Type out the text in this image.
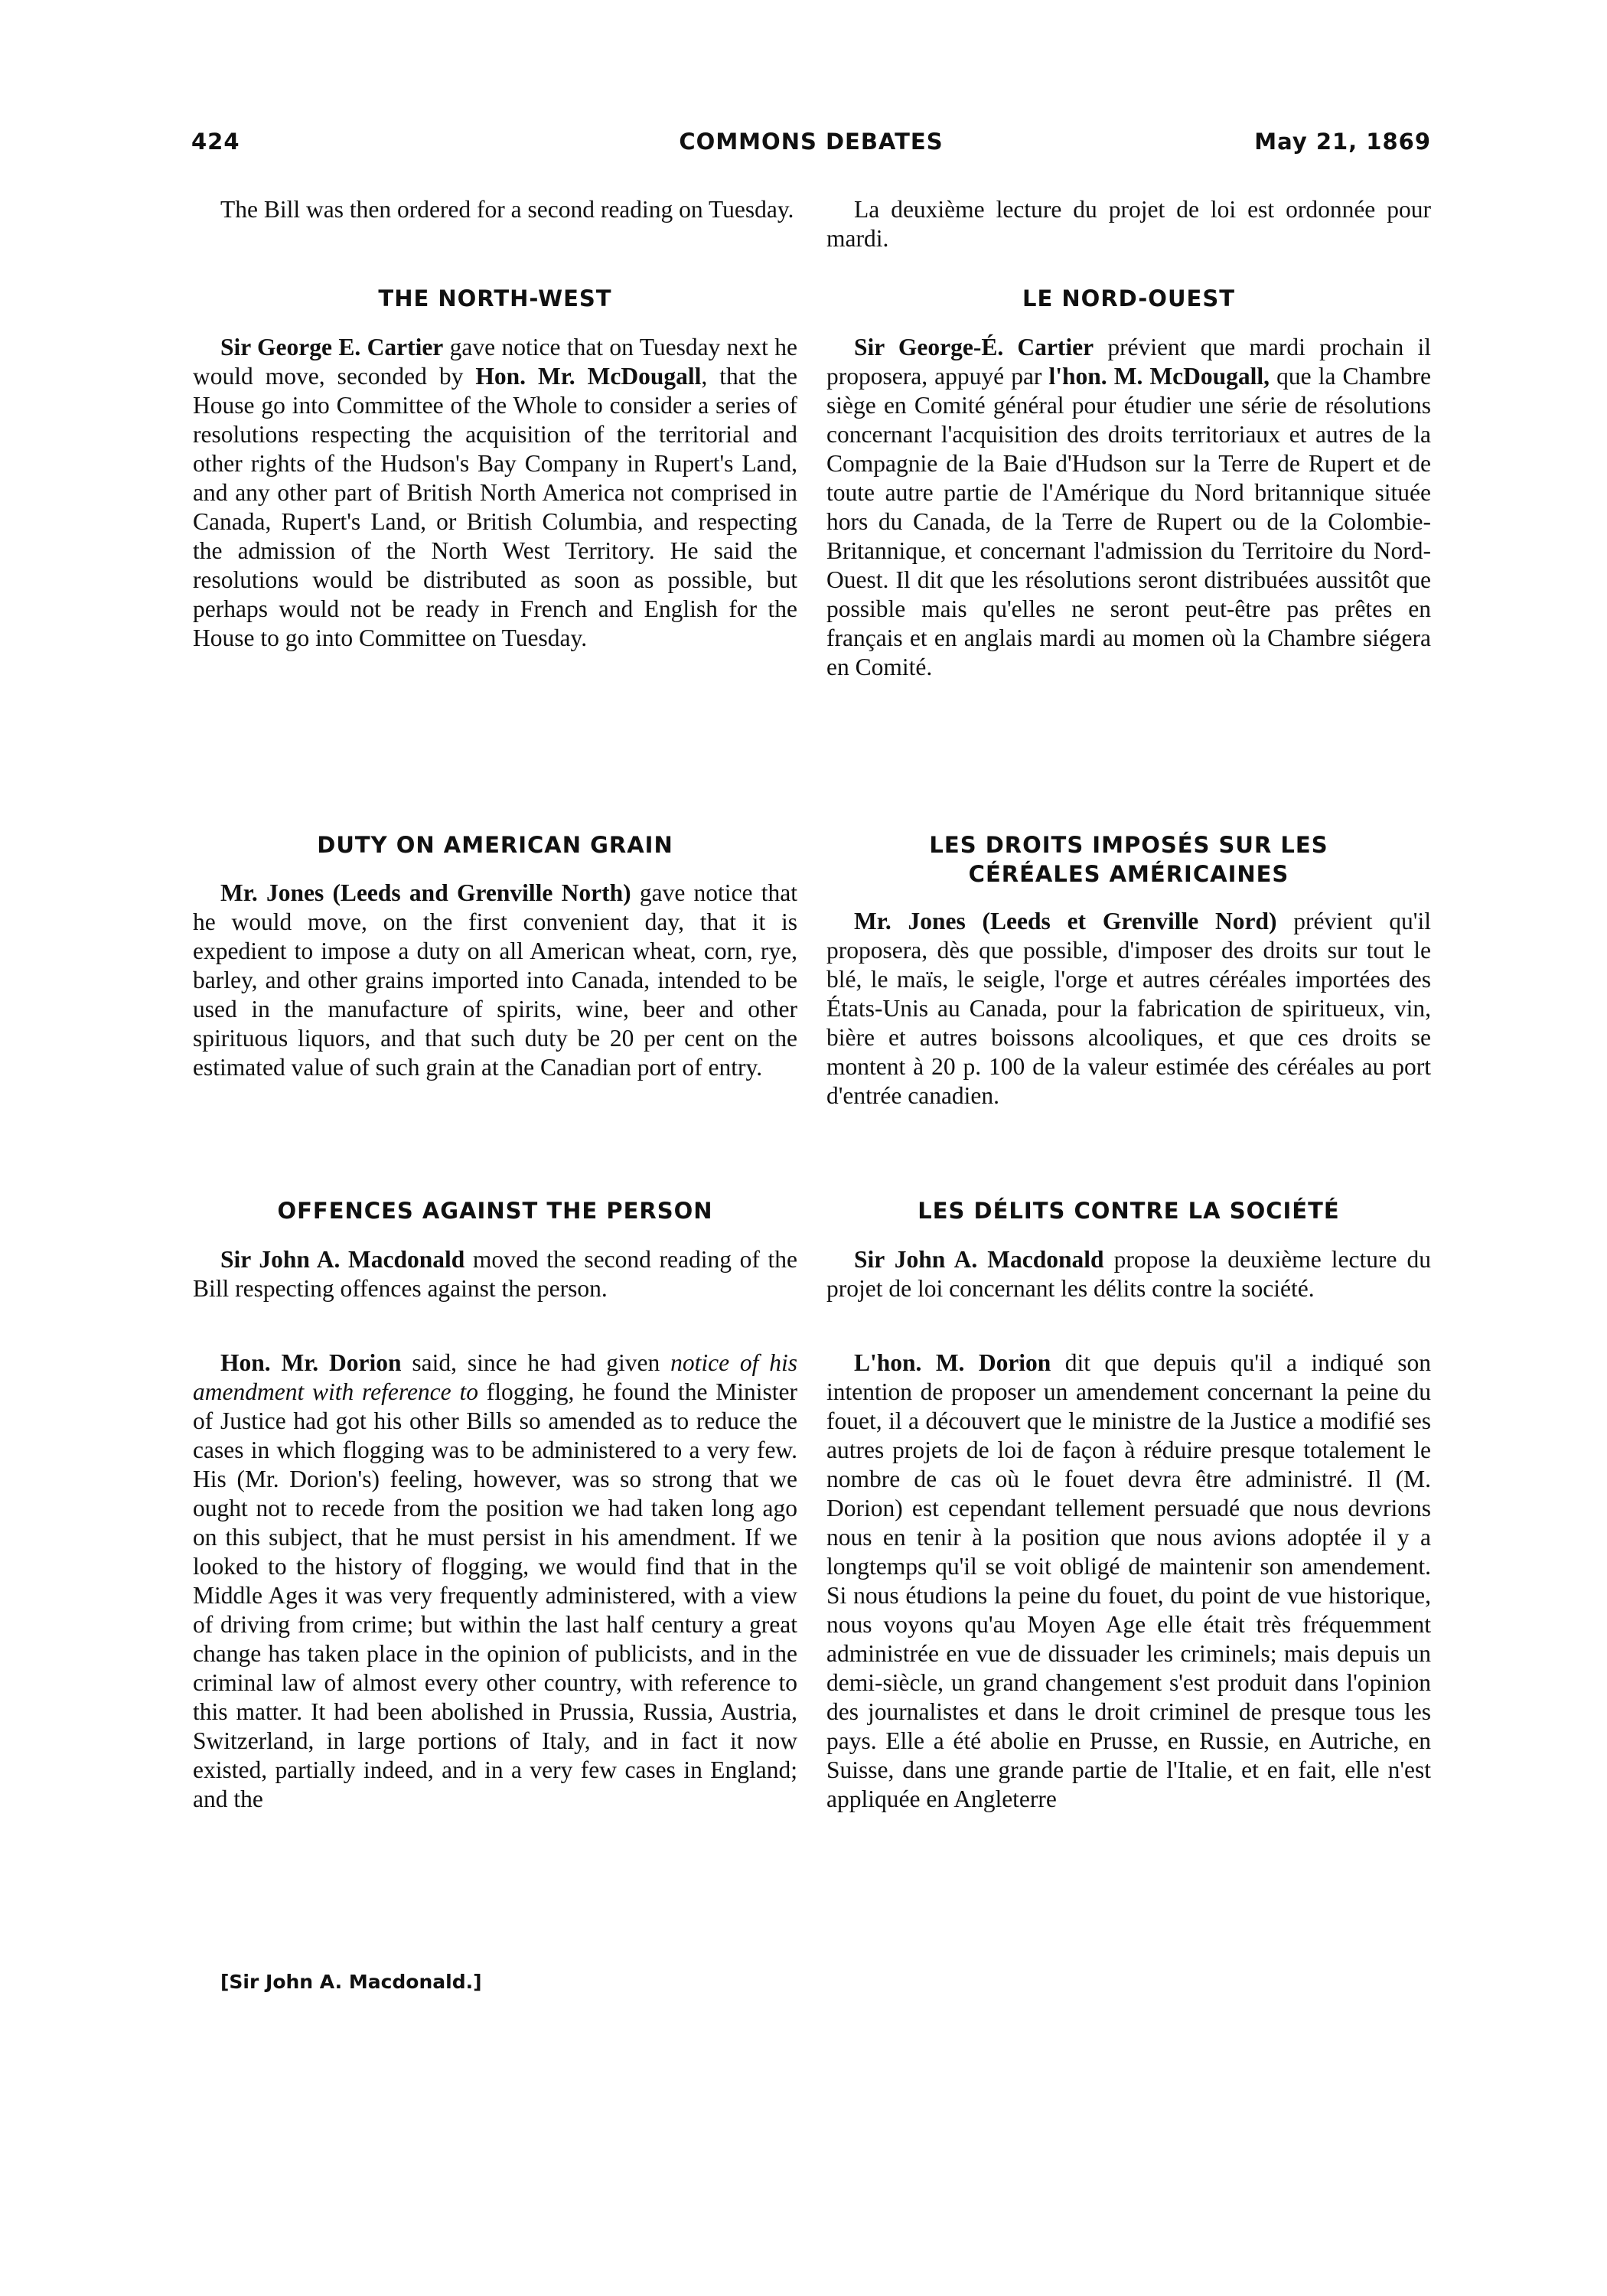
424	COMMONS DEBATES	May 21, 1869

The Bill was then ordered for a second reading on Tuesday.

THE NORTH-WEST

Sir George E. Cartier gave notice that on Tuesday next he would move, seconded by Hon. Mr. McDougall, that the House go into Committee of the Whole to consider a series of resolutions respecting the acquisition of the territorial and other rights of the Hudson's Bay Company in Rupert's Land, and any other part of British North America not comprised in Canada, Rupert's Land, or British Columbia, and respecting the admission of the North West Territory. He said the resolutions would be distributed as soon as possible, but perhaps would not be ready in French and English for the House to go into Committee on Tuesday.

DUTY ON AMERICAN GRAIN

Mr. Jones (Leeds and Grenville North) gave notice that he would move, on the first convenient day, that it is expedient to impose a duty on all American wheat, corn, rye, barley, and other grains imported into Canada, intended to be used in the manufacture of spirits, wine, beer and other spirituous liquors, and that such duty be 20 per cent on the estimated value of such grain at the Canadian port of entry.

OFFENCES AGAINST THE PERSON

Sir John A. Macdonald moved the second reading of the Bill respecting offences against the person.

Hon. Mr. Dorion said, since he had given notice of his amendment with reference to flogging, he found the Minister of Justice had got his other Bills so amended as to reduce the cases in which flogging was to be administered to a very few. His (Mr. Dorion's) feeling, however, was so strong that we ought not to recede from the position we had taken long ago on this subject, that he must persist in his amendment. If we looked to the history of flogging, we would find that in the Middle Ages it was very frequently administered, with a view of driving from crime; but within the last half century a great change has taken place in the opinion of publicists, and in the criminal law of almost every other country, with reference to this matter. It had been abolished in Prussia, Russia, Austria, Switzerland, in large portions of Italy, and in fact it now existed, partially indeed, and in a very few cases in England; and the

[Sir John A. Macdonald.]

La deuxième lecture du projet de loi est ordonnée pour mardi.

LE NORD-OUEST

Sir George-É. Cartier prévient que mardi prochain il proposera, appuyé par l'hon. M. McDougall, que la Chambre siège en Comité général pour étudier une série de résolutions concernant l'acquisition des droits territoriaux et autres de la Compagnie de la Baie d'Hudson sur la Terre de Rupert et de toute autre partie de l'Amérique du Nord britannique située hors du Canada, de la Terre de Rupert ou de la Colombie-Britannique, et concernant l'admission du Territoire du Nord-Ouest. Il dit que les résolutions seront distribuées aussitôt que possible mais qu'elles ne seront peut-être pas prêtes en français et en anglais mardi au momen où la Chambre siégera en Comité.

LES DROITS IMPOSÉS SUR LES CÉRÉALES AMÉRICAINES

Mr. Jones (Leeds et Grenville Nord) prévient qu'il proposera, dès que possible, d'imposer des droits sur tout le blé, le maïs, le seigle, l'orge et autres céréales importées des États-Unis au Canada, pour la fabrication de spiritueux, vin, bière et autres boissons alcooliques, et que ces droits se montent à 20 p. 100 de la valeur estimée des céréales au port d'entrée canadien.

LES DÉLITS CONTRE LA SOCIÉTÉ

Sir John A. Macdonald propose la deuxième lecture du projet de loi concernant les délits contre la société.

L'hon. M. Dorion dit que depuis qu'il a indiqué son intention de proposer un amendement concernant la peine du fouet, il a découvert que le ministre de la Justice a modifié ses autres projets de loi de façon à réduire presque totalement le nombre de cas où le fouet devra être administré. Il (M. Dorion) est cependant tellement persuadé que nous devrions nous en tenir à la position que nous avions adoptée il y a longtemps qu'il se voit obligé de maintenir son amendement. Si nous étudions la peine du fouet, du point de vue historique, nous voyons qu'au Moyen Age elle était très fréquemment administrée en vue de dissuader les criminels; mais depuis un demi-siècle, un grand changement s'est produit dans l'opinion des journalistes et dans le droit criminel de presque tous les pays. Elle a été abolie en Prusse, en Russie, en Autriche, en Suisse, dans une grande partie de l'Italie, et en fait, elle n'est appliquée en Angleterre
